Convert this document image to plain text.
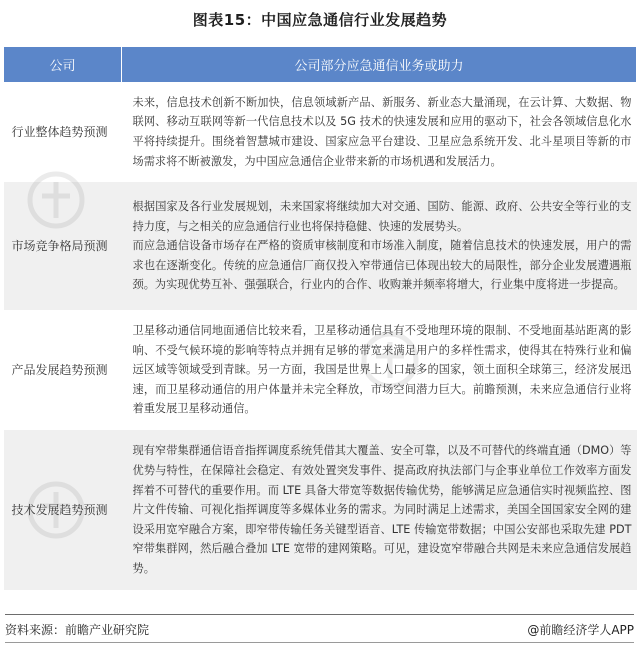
图表15：中国应急通信行业发展趋势
公司	公司部分应急通信业务或助力
行业整体趋势预测	未来，信息技术创新不断加快，信息领域新产品、新服务、新业态大量涌现，在云计算、大数据、物联网、移动互联网等新一代信息技术以及 5G 技术的快速发展和应用的驱动下，社会各领域信息化水平将持续提升。围绕着智慧城市建设、国家应急平台建设、卫星应急系统开发、北斗星项目等新的市场需求将不断被激发，为中国应急通信企业带来新的市场机遇和发展活力。

市场竞争格局预测	根据国家及各行业发展规划，未来国家将继续加大对交通、国防、能源、政府、公共安全等行业的支持力度，与之相关的应急通信行业也将保持稳健、快速的发展势头。

而应急通信设备市场存在严格的资质审核制度和市场准入制度，随着信息技术的快速发展，用户的需求也在逐渐变化。传统的应急通信厂商仅投入窄带通信已体现出较大的局限性，部分企业发展遭遇瓶颈。为实现优势互补、强强联合，行业内的合作、收购兼并频率将增大，行业集中度将进一步提高。

产品发展趋势预测	卫星移动通信同地面通信比较来看，卫星移动通信具有不受地理环境的限制、不受地面基站距离的影响、不受气候环境的影响等特点并拥有足够的带宽来满足用户的多样性需求，使得其在特殊行业和偏远区域等领域受到青睐。另一方面，我国是世界上人口最多的国家，领土面积全球第三，经济发展迅速，而卫星移动通信的用户体量并未完全释放，市场空间潜力巨大。前瞻预测，未来应急通信行业将着重发展卫星移动通信。

技术发展趋势预测	现有窄带集群通信语音指挥调度系统凭借其大覆盖、安全可靠，以及不可替代的终端直通（DMO）等优势与特性，在保障社会稳定、有效处置突发事件、提高政府执法部门与企事业单位工作效率方面发挥着不可替代的重要作用。而 LTE 具备大带宽等数据传输优势，能够满足应急通信实时视频监控、图片文件传输、可视化指挥调度等多媒体业务的需求。为同时满足上述需求，美国全国国家安全网的建设采用宽窄融合方案，即窄带传输任务关键型语音、LTE 传输宽带数据；中国公安部也采取先建 PDT 窄带集群网，然后融合叠加 LTE 宽带的建网策略。可见，建设宽窄带融合共网是未来应急通信发展趋势。

资料来源：前瞻产业研究院	@前瞻经济学人APP
